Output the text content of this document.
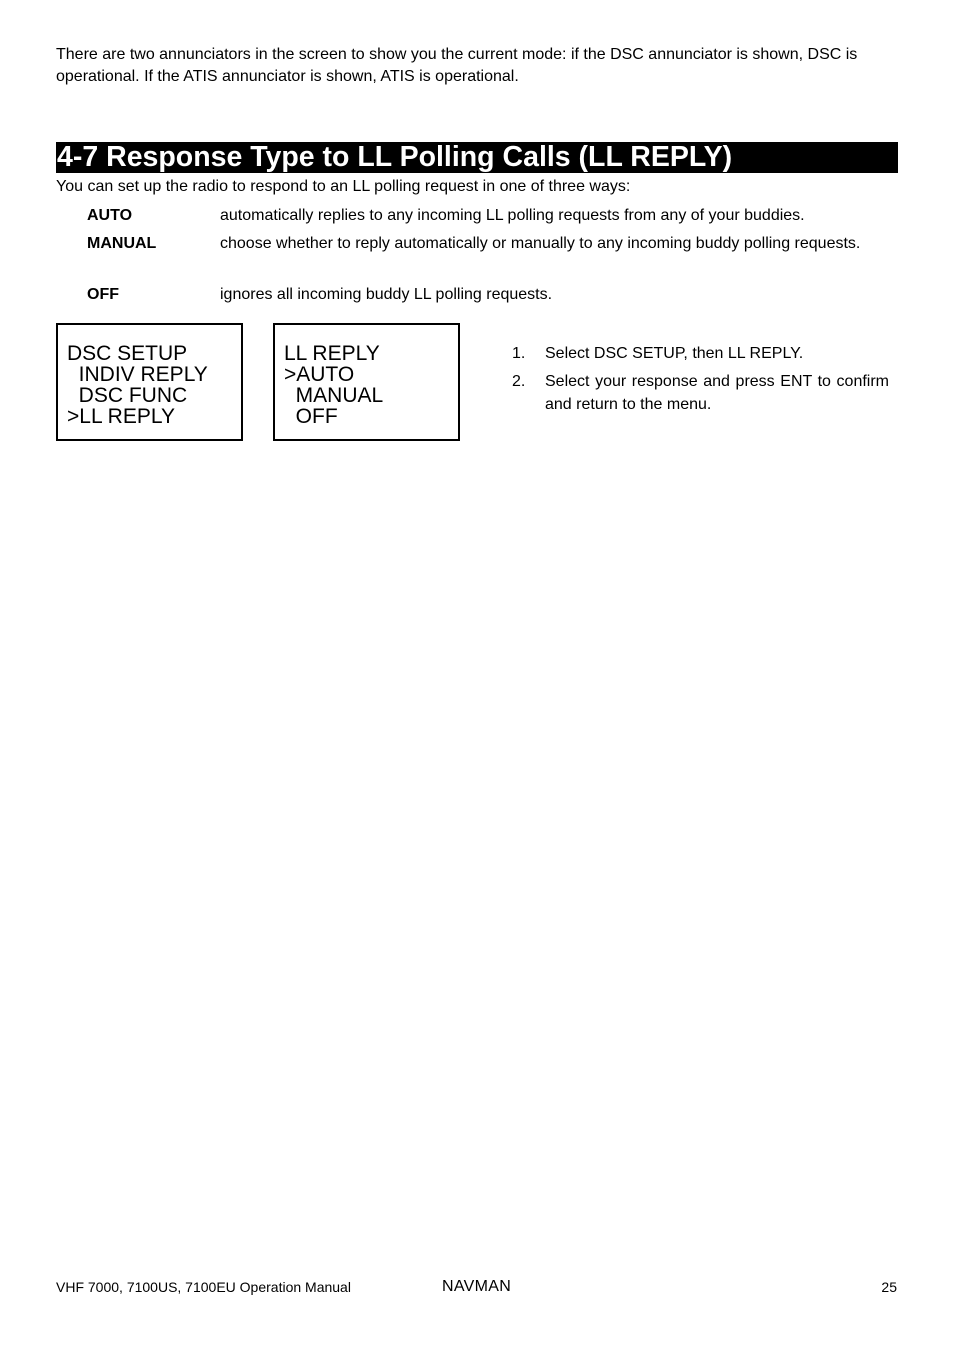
There are two annunciators in the screen to show you the current mode: if the DSC annunciator is shown, DSC is operational. If the ATIS annunciator is shown, ATIS is operational.

4-7 Response Type to LL Polling Calls (LL REPLY)

You can set up the radio to respond to an LL polling request in one of three ways:

AUTO	automatically replies to any incoming LL polling requests from any of your buddies.
MANUAL	choose whether to reply automatically or manually to any incoming buddy polling requests.
OFF	ignores all incoming buddy LL polling requests.
DSC SETUP
INDIV REPLY
DSC FUNC
>LL REPLY
LL REPLY
>AUTO
MANUAL
OFF
1. Select DSC SETUP, then LL REPLY.
2. Select your response and press ENT to confirm and return to the menu.
VHF 7000, 7100US, 7100EU Operation Manual	NAVMAN	25
